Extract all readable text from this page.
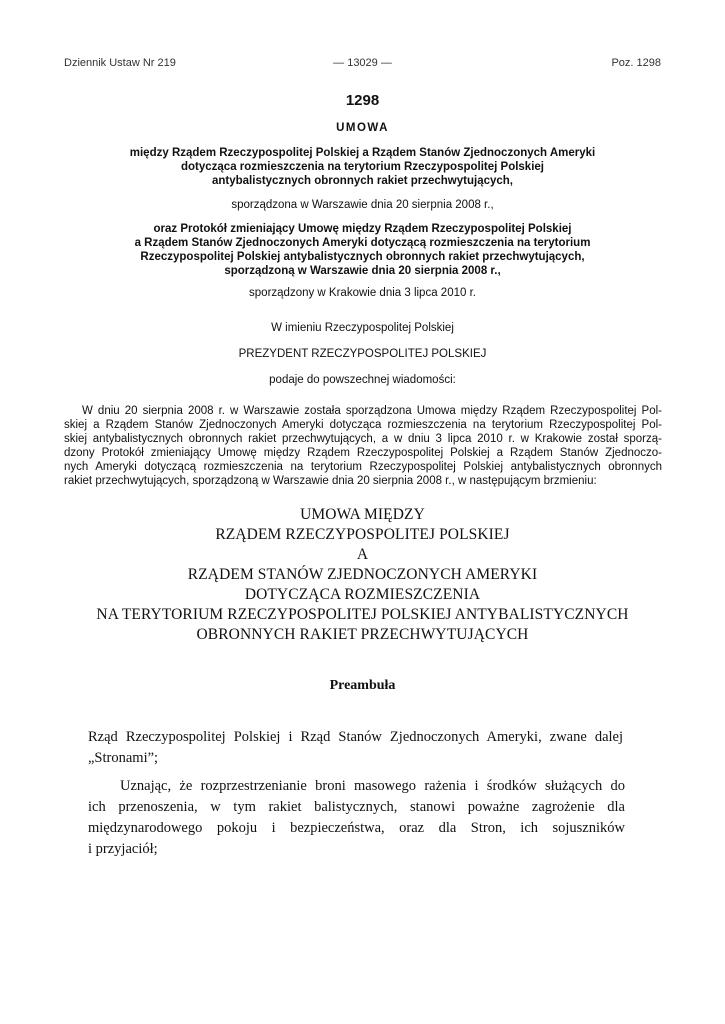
Dziennik Ustaw Nr 219	— 13029 —	Poz. 1298
1298
UMOWA
między Rządem Rzeczypospolitej Polskiej a Rządem Stanów Zjednoczonych Ameryki
dotycząca rozmieszczenia na terytorium Rzeczypospolitej Polskiej
antybalistycznych obronnych rakiet przechwytujących,
sporządzona w Warszawie dnia 20 sierpnia 2008 r.,
oraz Protokół zmieniający Umowę między Rządem Rzeczypospolitej Polskiej
a Rządem Stanów Zjednoczonych Ameryki dotyczącą rozmieszczenia na terytorium
Rzeczypospolitej Polskiej antybalistycznych obronnych rakiet przechwytujących,
sporządzoną w Warszawie dnia 20 sierpnia 2008 r.,
sporządzony w Krakowie dnia 3 lipca 2010 r.
W imieniu Rzeczypospolitej Polskiej
PREZYDENT RZECZYPOSPOLITEJ POLSKIEJ
podaje do powszechnej wiadomości:
W dniu 20 sierpnia 2008 r. w Warszawie została sporządzona Umowa między Rządem Rzeczypospolitej Pol-
skiej a Rządem Stanów Zjednoczonych Ameryki dotycząca rozmieszczenia na terytorium Rzeczypospolitej Pol-
skiej antybalistycznych obronnych rakiet przechwytujących, a w dniu 3 lipca 2010 r. w Krakowie został sporzą-
dzony Protokół zmieniający Umowę między Rządem Rzeczypospolitej Polskiej a Rządem Stanów Zjednoczo-
nych Ameryki dotyczącą rozmieszczenia na terytorium Rzeczypospolitej Polskiej antybalistycznych obronnych
rakiet przechwytujących, sporządzoną w Warszawie dnia 20 sierpnia 2008 r., w następującym brzmieniu:
UMOWA MIĘDZY
RZĄDEM RZECZYPOSPOLITEJ POLSKIEJ
A
RZĄDEM STANÓW ZJEDNOCZONYCH AMERYKI
DOTYCZĄCA ROZMIESZCZENIA
NA TERYTORIUM RZECZYPOSPOLITEJ POLSKIEJ ANTYBALISTYCZNYCH
OBRONNYCH RAKIET PRZECHWYTUJĄCYCH
Preambuła
Rząd Rzeczypospolitej Polskiej i Rząd Stanów Zjednoczonych Ameryki, zwane dalej
„Stronami”;
Uznając, że rozprzestrzenianie broni masowego rażenia i środków służących do
ich przenoszenia, w tym rakiet balistycznych, stanowi poważne zagrożenie dla
międzynarodowego pokoju i bezpieczeństwa, oraz dla Stron, ich sojuszników
i przyjaciół;
